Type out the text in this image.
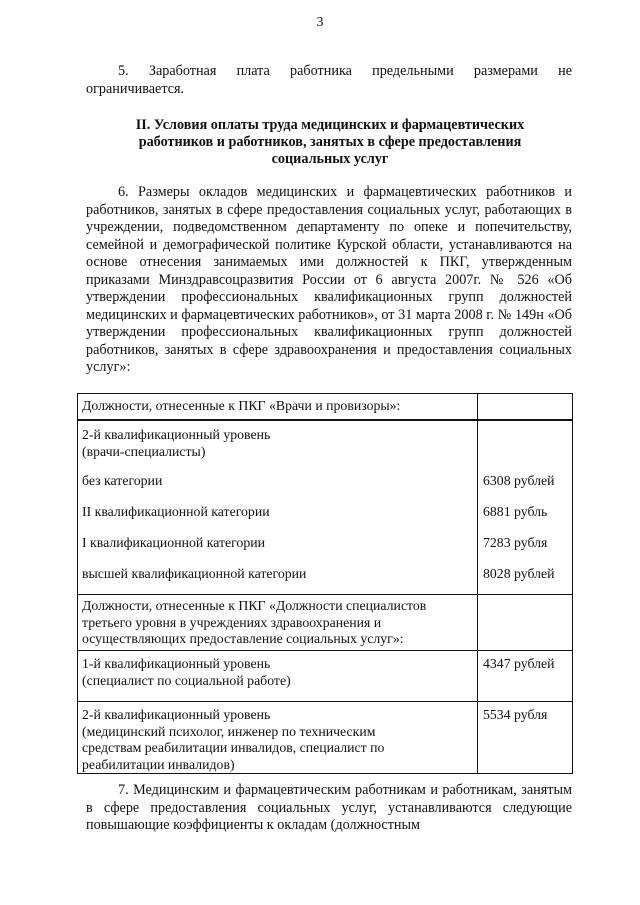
3

5. Заработная плата работника предельными размерами не ограничивается.

II. Условия оплаты труда медицинских и фармацевтических
работников и работников, занятых в сфере предоставления
социальных услуг

6. Размеры окладов медицинских и фармацевтических работников и работников, занятых в сфере предоставления социальных услуг, работающих в учреждении, подведомственном департаменту по опеке и попечительству, семейной и демографической политике Курской области, устанавливаются на основе отнесения занимаемых ими должностей к ПКГ, утвержденным приказами Минздравсоцразвития России от 6 августа 2007г. № 526 «Об утверждении профессиональных квалификационных групп должностей медицинских и фармацевтических работников», от 31 марта 2008 г. № 149н «Об утверждении профессиональных квалификационных групп должностей работников, занятых в сфере здравоохранения и предоставления социальных услуг»:

Должности, отнесенные к ПКГ «Врачи и провизоры»:	

2-й квалификационный уровень
(врачи-специалисты)	

без категории	6308 рублей
II квалификационной категории	6881 рубль
I квалификационной категории	7283 рубля
высшей квалификационной категории	8028 рублей

Должности, отнесенные к ПКГ «Должности специалистов
третьего уровня в учреждениях здравоохранения и
осуществляющих предоставление социальных услуг»:	

1-й квалификационный уровень
(специалист по социальной работе)	4347 рублей

2-й квалификационный уровень
(медицинский психолог, инженер по техническим
средствам реабилитации инвалидов, специалист по
реабилитации инвалидов)	5534 рубля

7. Медицинским и фармацевтическим работникам и работникам, занятым в сфере предоставления социальных услуг, устанавливаются следующие повышающие коэффициенты к окладам (должностным
